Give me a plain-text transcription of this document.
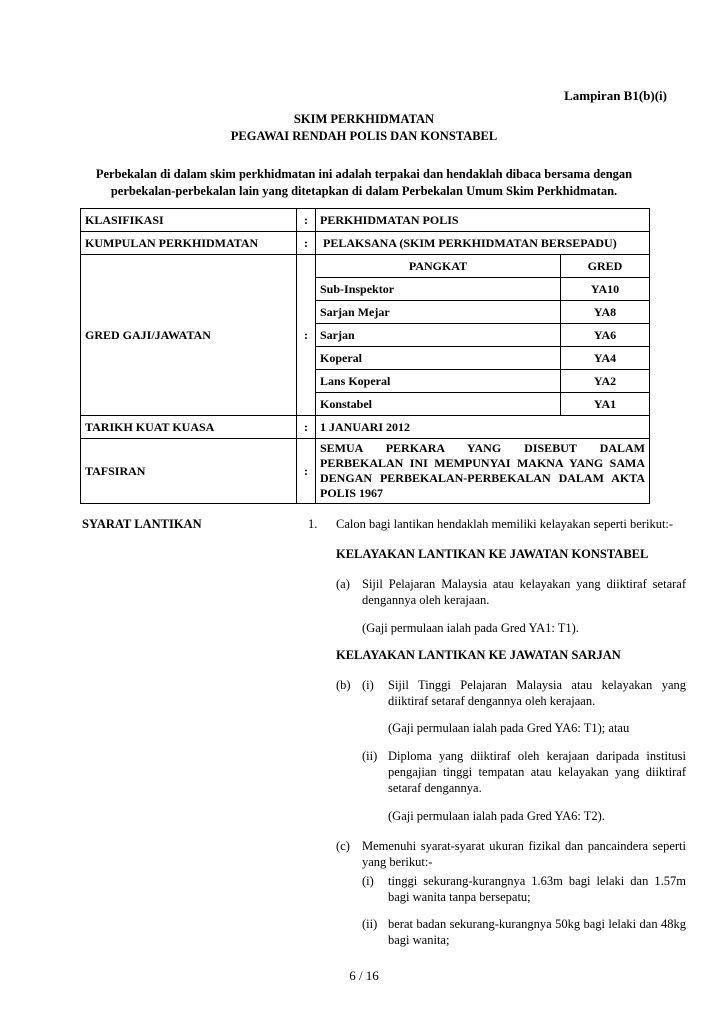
Lampiran B1(b)(i)
SKIM PERKHIDMATAN
PEGAWAI RENDAH POLIS DAN KONSTABEL
Perbekalan di dalam skim perkhidmatan ini adalah terpakai dan hendaklah dibaca bersama dengan
perbekalan-perbekalan lain yang ditetapkan di dalam Perbekalan Umum Skim Perkhidmatan.
KLASIFIKASI	:	PERKHIDMATAN POLIS
KUMPULAN PERKHIDMATAN	:	PELAKSANA (SKIM PERKHIDMATAN BERSEPADU)
GRED GAJI/JAWATAN	:	
PANGKAT	GRED
Sub-Inspektor	YA10
Sarjan Mejar	YA8
Sarjan	YA6
Koperal	YA4
Lans Koperal	YA2
Konstabel	YA1

TARIKH KUAT KUASA	:	1 JANUARI 2012
TAFSIRAN	:	SEMUA PERKARA YANG DISEBUT DALAM PERBEKALAN INI MEMPUNYAI MAKNA YANG SAMA DENGAN PERBEKALAN-PERBEKALAN DALAM AKTA POLIS 1967
SYARAT LANTIKAN	1. Calon bagi lantikan hendaklah memiliki kelayakan seperti berikut:-
KELAYAKAN LANTIKAN KE JAWATAN KONSTABEL
(a) Sijil Pelajaran Malaysia atau kelayakan yang diiktiraf setaraf dengannya oleh kerajaan.
(Gaji permulaan ialah pada Gred YA1: T1).
KELAYAKAN LANTIKAN KE JAWATAN SARJAN
(b) (i) Sijil Tinggi Pelajaran Malaysia atau kelayakan yang diiktiraf setaraf dengannya oleh kerajaan.
(Gaji permulaan ialah pada Gred YA6: T1); atau
(ii) Diploma yang diiktiraf oleh kerajaan daripada institusi pengajian tinggi tempatan atau kelayakan yang diiktiraf setaraf dengannya.
(Gaji permulaan ialah pada Gred YA6: T2).
(c) Memenuhi syarat-syarat ukuran fizikal dan pancaindera seperti yang berikut:-
(i) tinggi sekurang-kurangnya 1.63m bagi lelaki dan 1.57m bagi wanita tanpa bersepatu;
(ii) berat badan sekurang-kurangnya 50kg bagi lelaki dan 48kg bagi wanita;
6 / 16
